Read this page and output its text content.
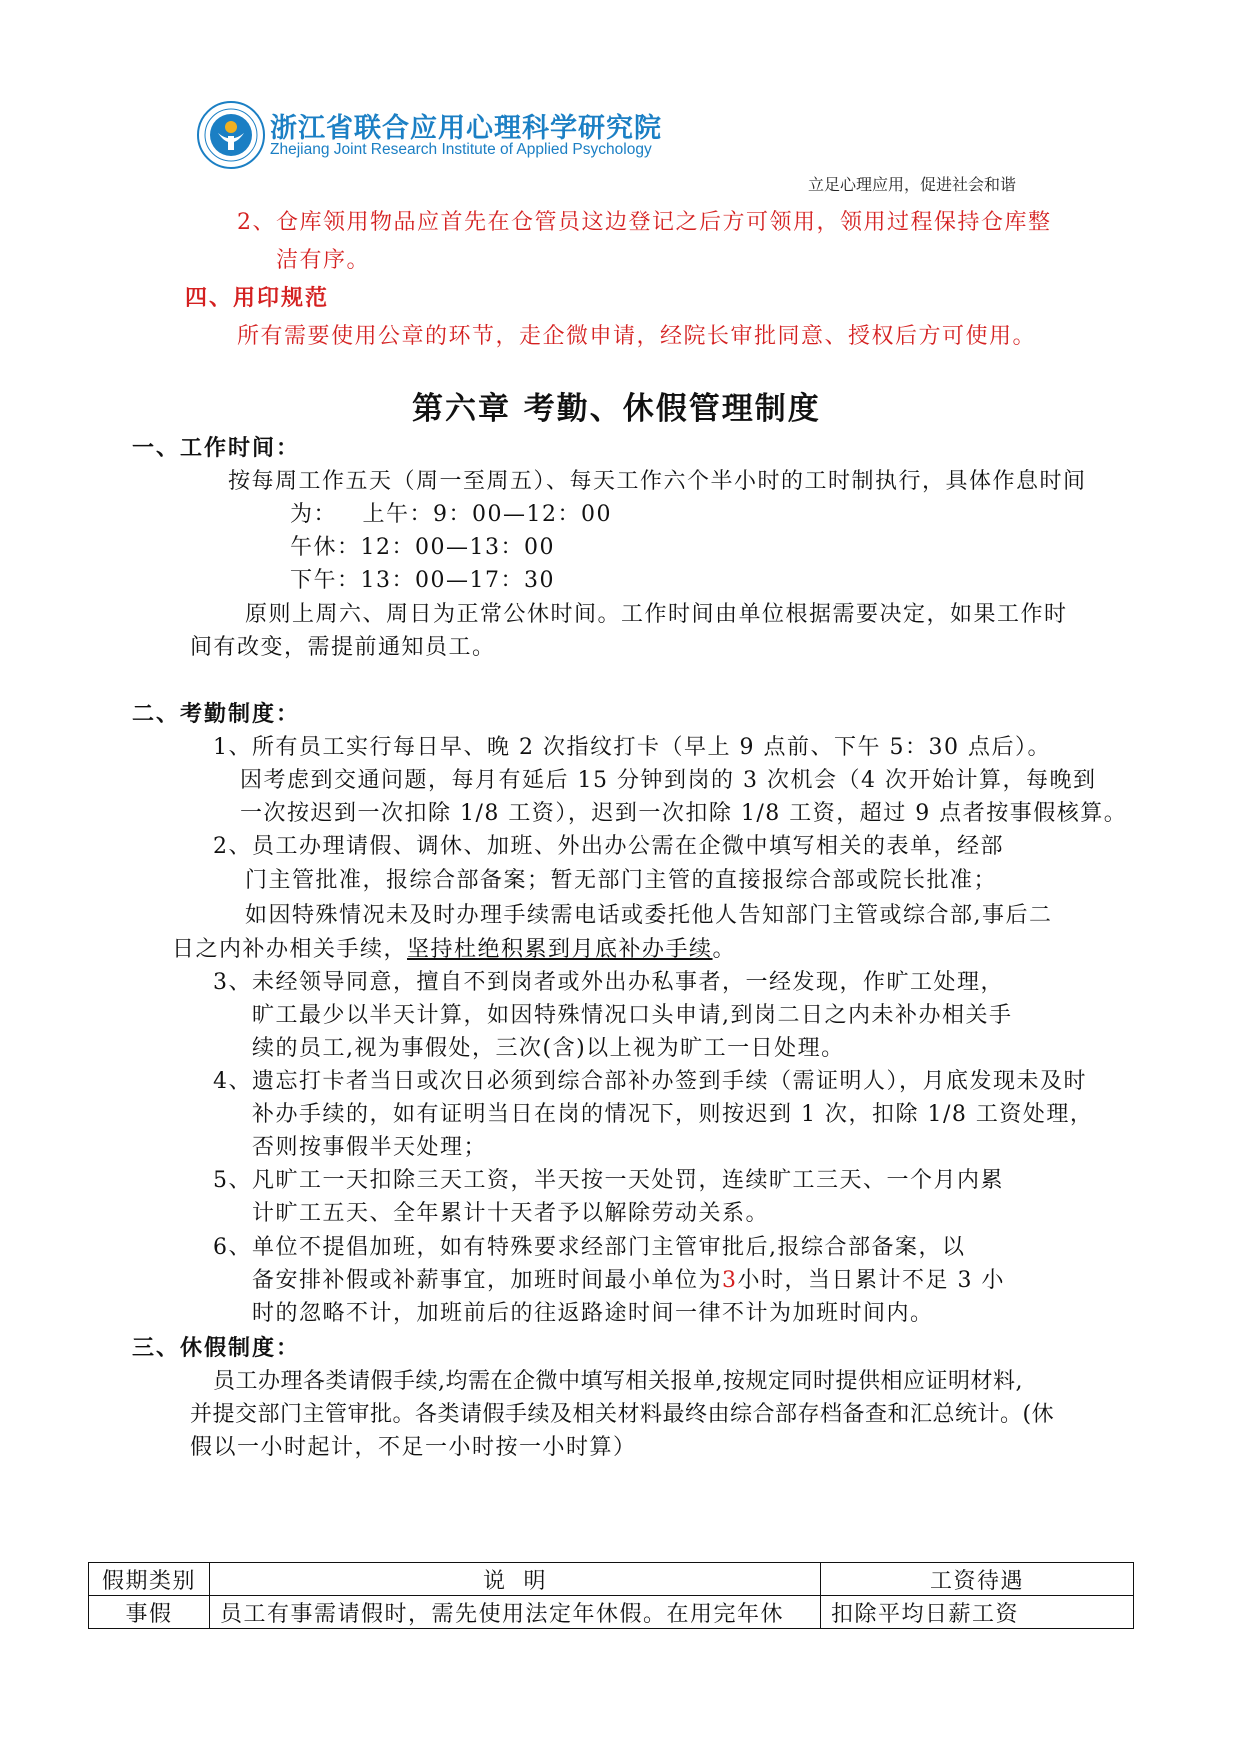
浙江省联合应用心理科学研究院
Zhejiang Joint Research Institute of Applied Psychology
立足心理应用，促进社会和谐
2、仓库领用物品应首先在仓管员这边登记之后方可领用，领用过程保持仓库整
洁有序。
四、用印规范
所有需要使用公章的环节，走企微申请，经院长审批同意、授权后方可使用。
第六章 考勤、休假管理制度
一、工作时间：
按每周工作五天（周一至周五）、每天工作六个半小时的工时制执行，具体作息时间
为：   上午：9：00—12：00
午休：12：00—13：00
下午：13：00—17：30
原则上周六、周日为正常公休时间。工作时间由单位根据需要决定，如果工作时
间有改变，需提前通知员工。
二、考勤制度：
1、所有员工实行每日早、晚 2 次指纹打卡（早上 9 点前、下午 5：30 点后）。
因考虑到交通问题，每月有延后 15 分钟到岗的 3 次机会（4 次开始计算，每晚到
一次按迟到一次扣除 1/8 工资），迟到一次扣除 1/8 工资，超过 9 点者按事假核算。
2、员工办理请假、调休、加班、外出办公需在企微中填写相关的表单，经部
门主管批准，报综合部备案；暂无部门主管的直接报综合部或院长批准；
如因特殊情况未及时办理手续需电话或委托他人告知部门主管或综合部,事后二
日之内补办相关手续，坚持杜绝积累到月底补办手续。
3、未经领导同意，擅自不到岗者或外出办私事者，一经发现，作旷工处理，
旷工最少以半天计算，如因特殊情况口头申请,到岗二日之内未补办相关手
续的员工,视为事假处，三次(含)以上视为旷工一日处理。
4、遗忘打卡者当日或次日必须到综合部补办签到手续（需证明人），月底发现未及时
补办手续的，如有证明当日在岗的情况下，则按迟到 1 次，扣除 1/8 工资处理，
否则按事假半天处理；
5、凡旷工一天扣除三天工资，半天按一天处罚，连续旷工三天、一个月内累
计旷工五天、全年累计十天者予以解除劳动关系。
6、单位不提倡加班，如有特殊要求经部门主管审批后,报综合部备案，以
备安排补假或补薪事宜，加班时间最小单位为3小时，当日累计不足 3 小
时的忽略不计，加班前后的往返路途时间一律不计为加班时间内。
三、休假制度：
员工办理各类请假手续,均需在企微中填写相关报单,按规定同时提供相应证明材料,
并提交部门主管审批。各类请假手续及相关材料最终由综合部存档备查和汇总统计。(休
假以一小时起计，不足一小时按一小时算）
假期类别	说  明	工资待遇
事假	员工有事需请假时，需先使用法定年休假。在用完年休	扣除平均日薪工资
